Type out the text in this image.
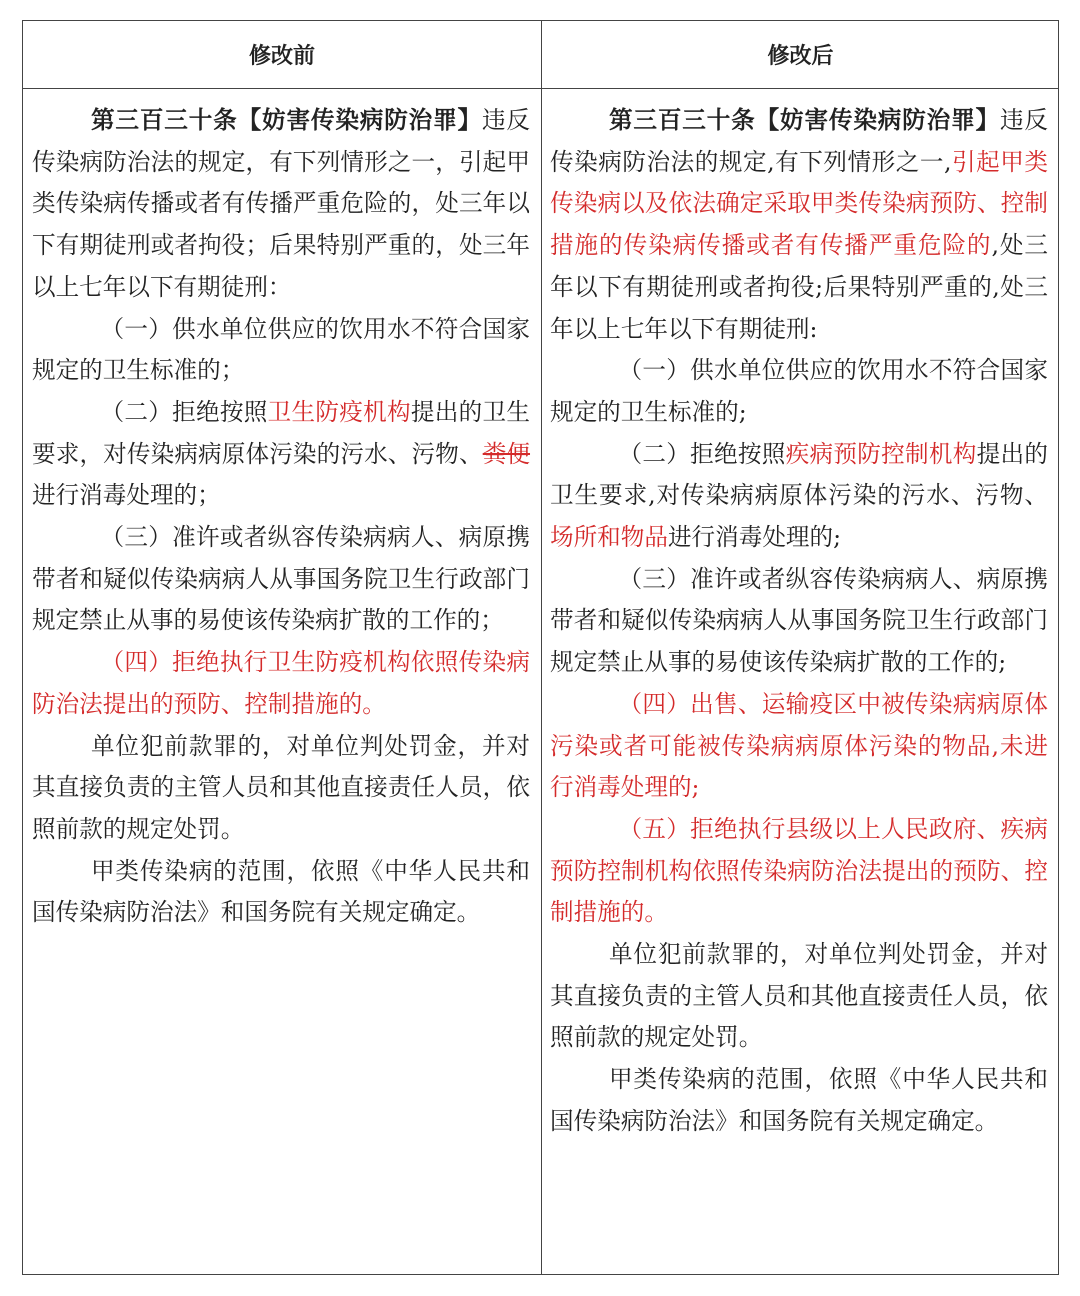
修改前	修改后

第三百三十条【妨害传染病防治罪】违反传染病防治法的规定，有下列情形之一，引起甲类传染病传播或者有传播严重危险的，处三年以下有期徒刑或者拘役；后果特别严重的，处三年以上七年以下有期徒刑：

（一）供水单位供应的饮用水不符合国家规定的卫生标准的；

（二）拒绝按照卫生防疫机构提出的卫生要求，对传染病病原体污染的污水、污物、粪便进行消毒处理的；

（三）准许或者纵容传染病病人、病原携带者和疑似传染病病人从事国务院卫生行政部门规定禁止从事的易使该传染病扩散的工作的；

（四）拒绝执行卫生防疫机构依照传染病防治法提出的预防、控制措施的。

单位犯前款罪的，对单位判处罚金，并对其直接负责的主管人员和其他直接责任人员，依照前款的规定处罚。

甲类传染病的范围，依照《中华人民共和国传染病防治法》和国务院有关规定确定。

第三百三十条【妨害传染病防治罪】违反传染病防治法的规定,有下列情形之一,引起甲类传染病以及依法确定采取甲类传染病预防、控制措施的传染病传播或者有传播严重危险的,处三年以下有期徒刑或者拘役;后果特别严重的,处三年以上七年以下有期徒刑:

（一）供水单位供应的饮用水不符合国家规定的卫生标准的;

（二）拒绝按照疾病预防控制机构提出的卫生要求,对传染病病原体污染的污水、污物、场所和物品进行消毒处理的;

（三）准许或者纵容传染病病人、病原携带者和疑似传染病病人从事国务院卫生行政部门规定禁止从事的易使该传染病扩散的工作的;

（四）出售、运输疫区中被传染病病原体污染或者可能被传染病病原体污染的物品,未进行消毒处理的;

（五）拒绝执行县级以上人民政府、疾病预防控制机构依照传染病防治法提出的预防、控制措施的。

单位犯前款罪的，对单位判处罚金，并对其直接负责的主管人员和其他直接责任人员，依照前款的规定处罚。

甲类传染病的范围，依照《中华人民共和国传染病防治法》和国务院有关规定确定。
